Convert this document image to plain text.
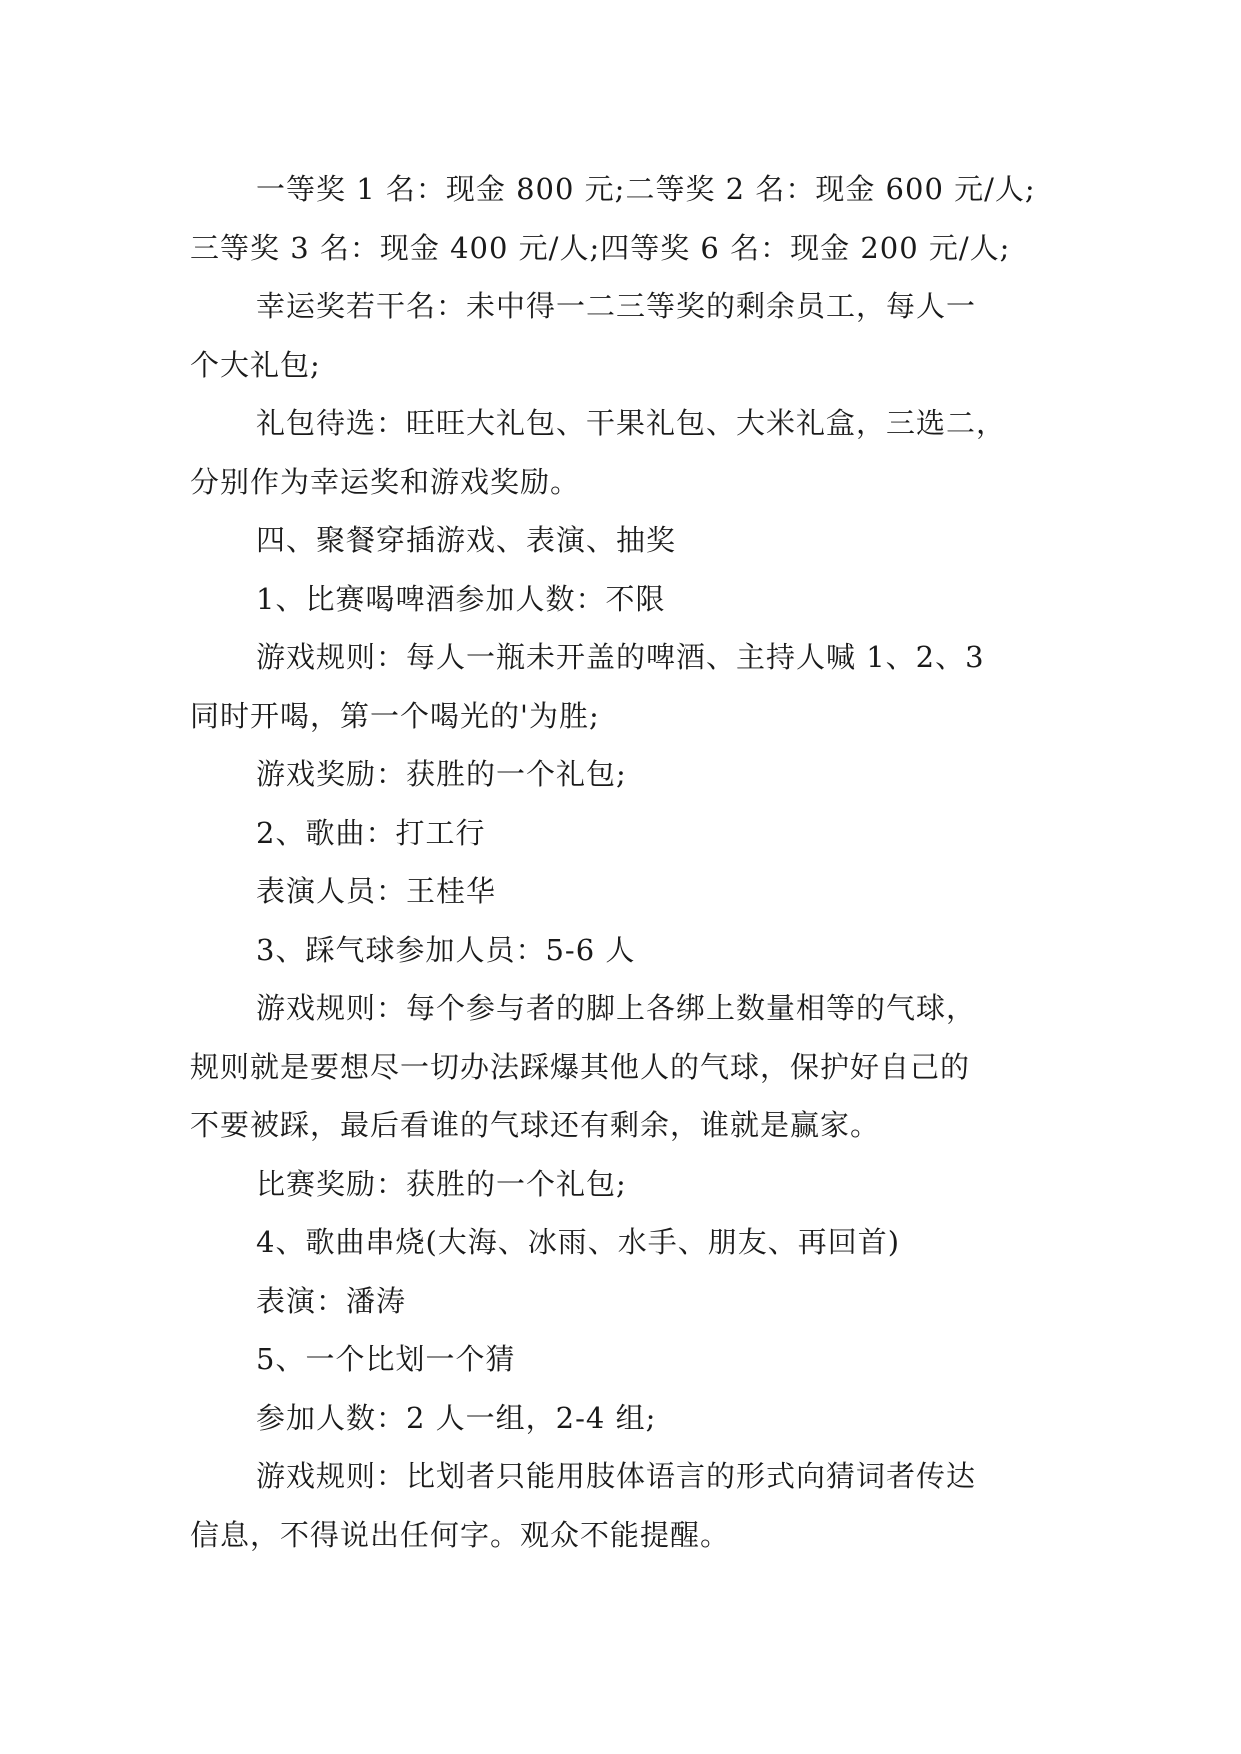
一等奖 1 名：现金 800 元;二等奖 2 名：现金 600 元/人;
三等奖 3 名：现金 400 元/人;四等奖 6 名：现金 200 元/人;
幸运奖若干名：未中得一二三等奖的剩余员工，每人一
个大礼包;
礼包待选：旺旺大礼包、干果礼包、大米礼盒，三选二，
分别作为幸运奖和游戏奖励。
四、聚餐穿插游戏、表演、抽奖
1、比赛喝啤酒参加人数：不限
游戏规则：每人一瓶未开盖的啤酒、主持人喊 1、2、3
同时开喝，第一个喝光的'为胜;
游戏奖励：获胜的一个礼包;
2、歌曲：打工行
表演人员：王桂华
3、踩气球参加人员：5-6 人
游戏规则：每个参与者的脚上各绑上数量相等的气球，
规则就是要想尽一切办法踩爆其他人的气球，保护好自己的
不要被踩，最后看谁的气球还有剩余，谁就是赢家。
比赛奖励：获胜的一个礼包;
4、歌曲串烧(大海、冰雨、水手、朋友、再回首)
表演：潘涛
5、一个比划一个猜
参加人数：2 人一组，2-4 组;
游戏规则：比划者只能用肢体语言的形式向猜词者传达
信息，不得说出任何字。观众不能提醒。
